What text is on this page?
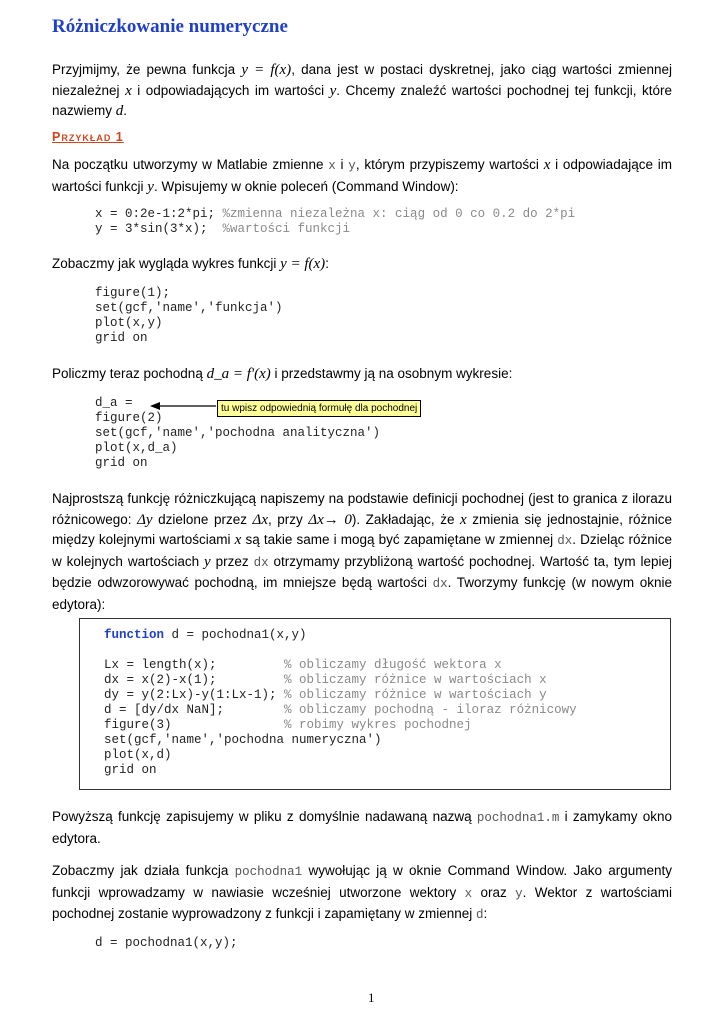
Różniczkowanie numeryczne

Przyjmijmy, że pewna funkcja y = f(x), dana jest w postaci dyskretnej, jako ciąg wartości zmiennej niezależnej x i odpowiadających im wartości y. Chcemy znaleźć wartości pochodnej tej funkcji, które nazwiemy d.

Przykład 1

Na początku utworzymy w Matlabie zmienne x i y, którym przypiszemy wartości x i odpowiadające im wartości funkcji y. Wpisujemy w oknie poleceń (Command Window):

x = 0:2e-1:2*pi; %zmienna niezależna x: ciąg od 0 co 0.2 do 2*pi
y = 3*sin(3*x);  %wartości funkcji

Zobaczmy jak wygląda wykres funkcji y = f(x):

figure(1);
set(gcf,'name','funkcja')
plot(x,y)
grid on

Policzmy teraz pochodną d_a = f'(x) i przedstawmy ją na osobnym wykresie:

d_a =
figure(2)
set(gcf,'name','pochodna analityczna')
plot(x,d_a)
grid on
tu wpisz odpowiednią formułę dla pochodnej

Najprostszą funkcję różniczkującą napiszemy na podstawie definicji pochodnej (jest to granica z ilorazu różnicowego: Δy dzielone przez Δx, przy Δx→ 0). Zakładając, że x zmienia się jednostajnie, różnice między kolejnymi wartościami x są takie same i mogą być zapamiętane w zmiennej dx. Dzieląc różnice w kolejnych wartościach y przez dx otrzymamy przybliżoną wartość pochodnej. Wartość ta, tym lepiej będzie odwzorowywać pochodną, im mniejsze będą wartości dx. Tworzymy funkcję (w nowym oknie edytora):

function d = pochodna1(x,y)

Lx = length(x);         % obliczamy długość wektora x
dx = x(2)-x(1);         % obliczamy różnice w wartościach x
dy = y(2:Lx)-y(1:Lx-1); % obliczamy różnice w wartościach y
d = [dy/dx NaN];        % obliczamy pochodną - iloraz różnicowy
figure(3)               % robimy wykres pochodnej
set(gcf,'name','pochodna numeryczna')
plot(x,d)
grid on

Powyższą funkcję zapisujemy w pliku z domyślnie nadawaną nazwą pochodna1.m i zamykamy okno edytora.

Zobaczmy jak działa funkcja pochodna1 wywołując ją w oknie Command Window. Jako argumenty funkcji wprowadzamy w nawiasie wcześniej utworzone wektory x oraz y. Wektor z wartościami pochodnej zostanie wyprowadzony z funkcji i zapamiętany w zmiennej d:

d = pochodna1(x,y);
1
